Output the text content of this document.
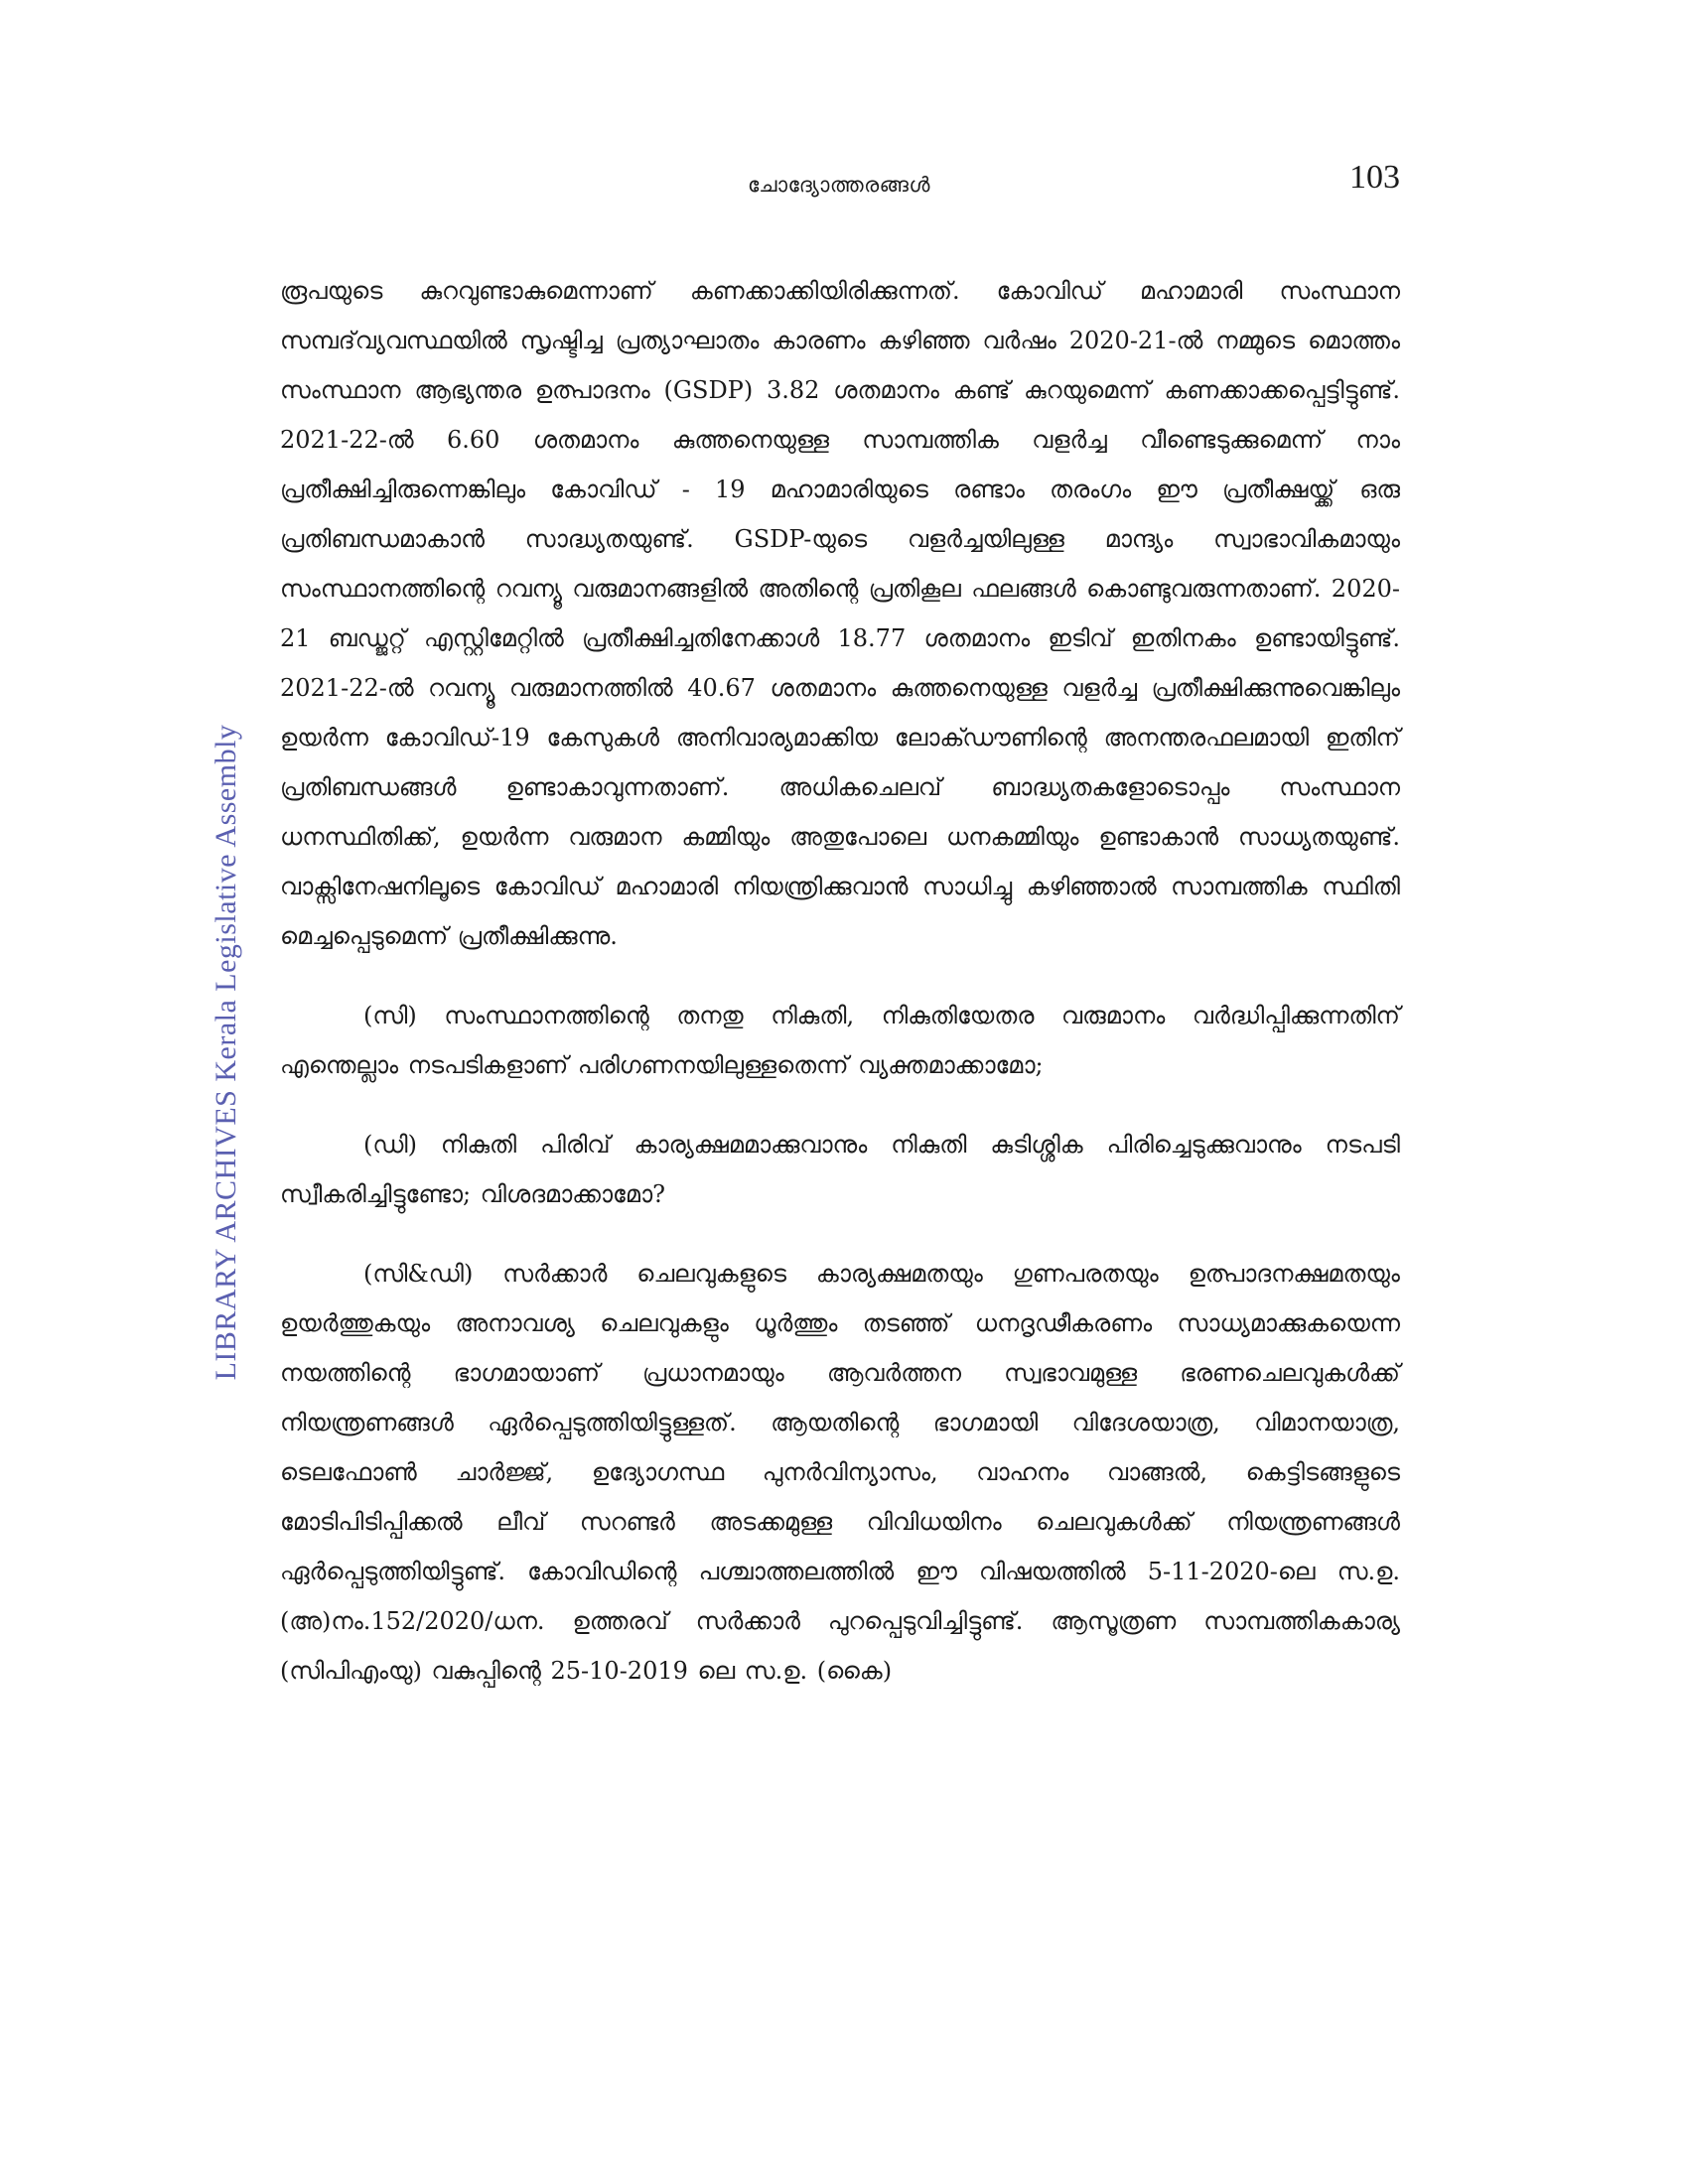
ചോദ്യോത്തരങ്ങൾ	103
LIBRARY ARCHIVES Kerala Legislative Assembly

രൂപയുടെ കുറവുണ്ടാകുമെന്നാണ് കണക്കാക്കിയിരിക്കുന്നത്. കോവിഡ് മഹാമാരി സംസ്ഥാന സമ്പദ്‌വ്യവസ്ഥയിൽ സൃഷ്ടിച്ച പ്രത്യാഘാതം കാരണം കഴിഞ്ഞ വർഷം 2020-21-ൽ നമ്മുടെ മൊത്തം സംസ്ഥാന ആഭ്യന്തര ഉത്പാദനം (GSDP) 3.82 ശതമാനം കണ്ട് കുറയുമെന്ന് കണക്കാക്കപ്പെട്ടിട്ടുണ്ട്. 2021-22-ൽ 6.60 ശതമാനം കുത്തനെയുള്ള സാമ്പത്തിക വളർച്ച വീണ്ടെടുക്കുമെന്ന് നാം പ്രതീക്ഷിച്ചിരുന്നെങ്കിലും കോവിഡ് - 19 മഹാമാരിയുടെ രണ്ടാം തരംഗം ഈ പ്രതീക്ഷയ്ക്ക് ഒരു പ്രതിബന്ധമാകാൻ സാദ്ധ്യതയുണ്ട്. GSDP-യുടെ വളർച്ചയിലുള്ള മാന്ദ്യം സ്വാഭാവികമായും സംസ്ഥാനത്തിന്റെ റവന്യൂ വരുമാനങ്ങളിൽ അതിന്റെ പ്രതികൂല ഫലങ്ങൾ കൊണ്ടുവരുന്നതാണ്. 2020-21 ബഡ്ജറ്റ് എസ്റ്റിമേറ്റിൽ പ്രതീക്ഷിച്ചതിനേക്കാൾ 18.77 ശതമാനം ഇടിവ് ഇതിനകം ഉണ്ടായിട്ടുണ്ട്. 2021-22-ൽ റവന്യൂ വരുമാനത്തിൽ 40.67 ശതമാനം കുത്തനെയുള്ള വളർച്ച പ്രതീക്ഷിക്കുന്നുവെങ്കിലും ഉയർന്ന കോവിഡ്-19 കേസുകൾ അനിവാര്യമാക്കിയ ലോക്ഡൗണിന്റെ അനന്തരഫലമായി ഇതിന് പ്രതിബന്ധങ്ങൾ ഉണ്ടാകാവുന്നതാണ്. അധികചെലവ് ബാദ്ധ്യതകളോടൊപ്പം സംസ്ഥാന ധനസ്ഥിതിക്ക്, ഉയർന്ന വരുമാന കമ്മിയും അതുപോലെ ധനകമ്മിയും ഉണ്ടാകാൻ സാധ്യതയുണ്ട്. വാക്സിനേഷനിലൂടെ കോവിഡ് മഹാമാരി നിയന്ത്രിക്കുവാൻ സാധിച്ചു കഴിഞ്ഞാൽ സാമ്പത്തിക സ്ഥിതി മെച്ചപ്പെടുമെന്ന് പ്രതീക്ഷിക്കുന്നു.

(സി) സംസ്ഥാനത്തിന്റെ തനതു നികുതി, നികുതിയേതര വരുമാനം വർദ്ധിപ്പിക്കുന്നതിന് എന്തെല്ലാം നടപടികളാണ് പരിഗണനയിലുള്ളതെന്ന് വ്യക്തമാക്കാമോ;

(ഡി) നികുതി പിരിവ് കാര്യക്ഷമമാക്കുവാനും നികുതി കുടിശ്ശിക പിരിച്ചെടുക്കുവാനും നടപടി സ്വീകരിച്ചിട്ടുണ്ടോ; വിശദമാക്കാമോ?

(സി&ഡി) സർക്കാർ ചെലവുകളുടെ കാര്യക്ഷമതയും ഗുണപരതയും ഉത്പാദനക്ഷമതയും ഉയർത്തുകയും അനാവശ്യ ചെലവുകളും ധൂർത്തും തടഞ്ഞ് ധനദൃഢീകരണം സാധ്യമാക്കുകയെന്ന നയത്തിന്റെ ഭാഗമായാണ് പ്രധാനമായും ആവർത്തന സ്വഭാവമുള്ള ഭരണചെലവുകൾക്ക് നിയന്ത്രണങ്ങൾ ഏർപ്പെടുത്തിയിട്ടുള്ളത്. ആയതിന്റെ ഭാഗമായി വിദേശയാത്ര, വിമാനയാത്ര, ടെലഫോൺ ചാർജ്ജ്, ഉദ്യോഗസ്ഥ പുനർവിന്യാസം, വാഹനം വാങ്ങൽ, കെട്ടിടങ്ങളുടെ മോടിപിടിപ്പിക്കൽ ലീവ് സറണ്ടർ അടക്കമുള്ള വിവിധയിനം ചെലവുകൾക്ക് നിയന്ത്രണങ്ങൾ ഏർപ്പെടുത്തിയിട്ടുണ്ട്. കോവിഡിന്റെ പശ്ചാത്തലത്തിൽ ഈ വിഷയത്തിൽ 5-11-2020-ലെ സ.ഉ.(അ)നം.152/2020/ധന. ഉത്തരവ് സർക്കാർ പുറപ്പെടുവിച്ചിട്ടുണ്ട്. ആസൂത്രണ സാമ്പത്തികകാര്യ (സിപിഎംയു) വകുപ്പിന്റെ 25-10-2019 ലെ സ.ഉ. (കൈ)
